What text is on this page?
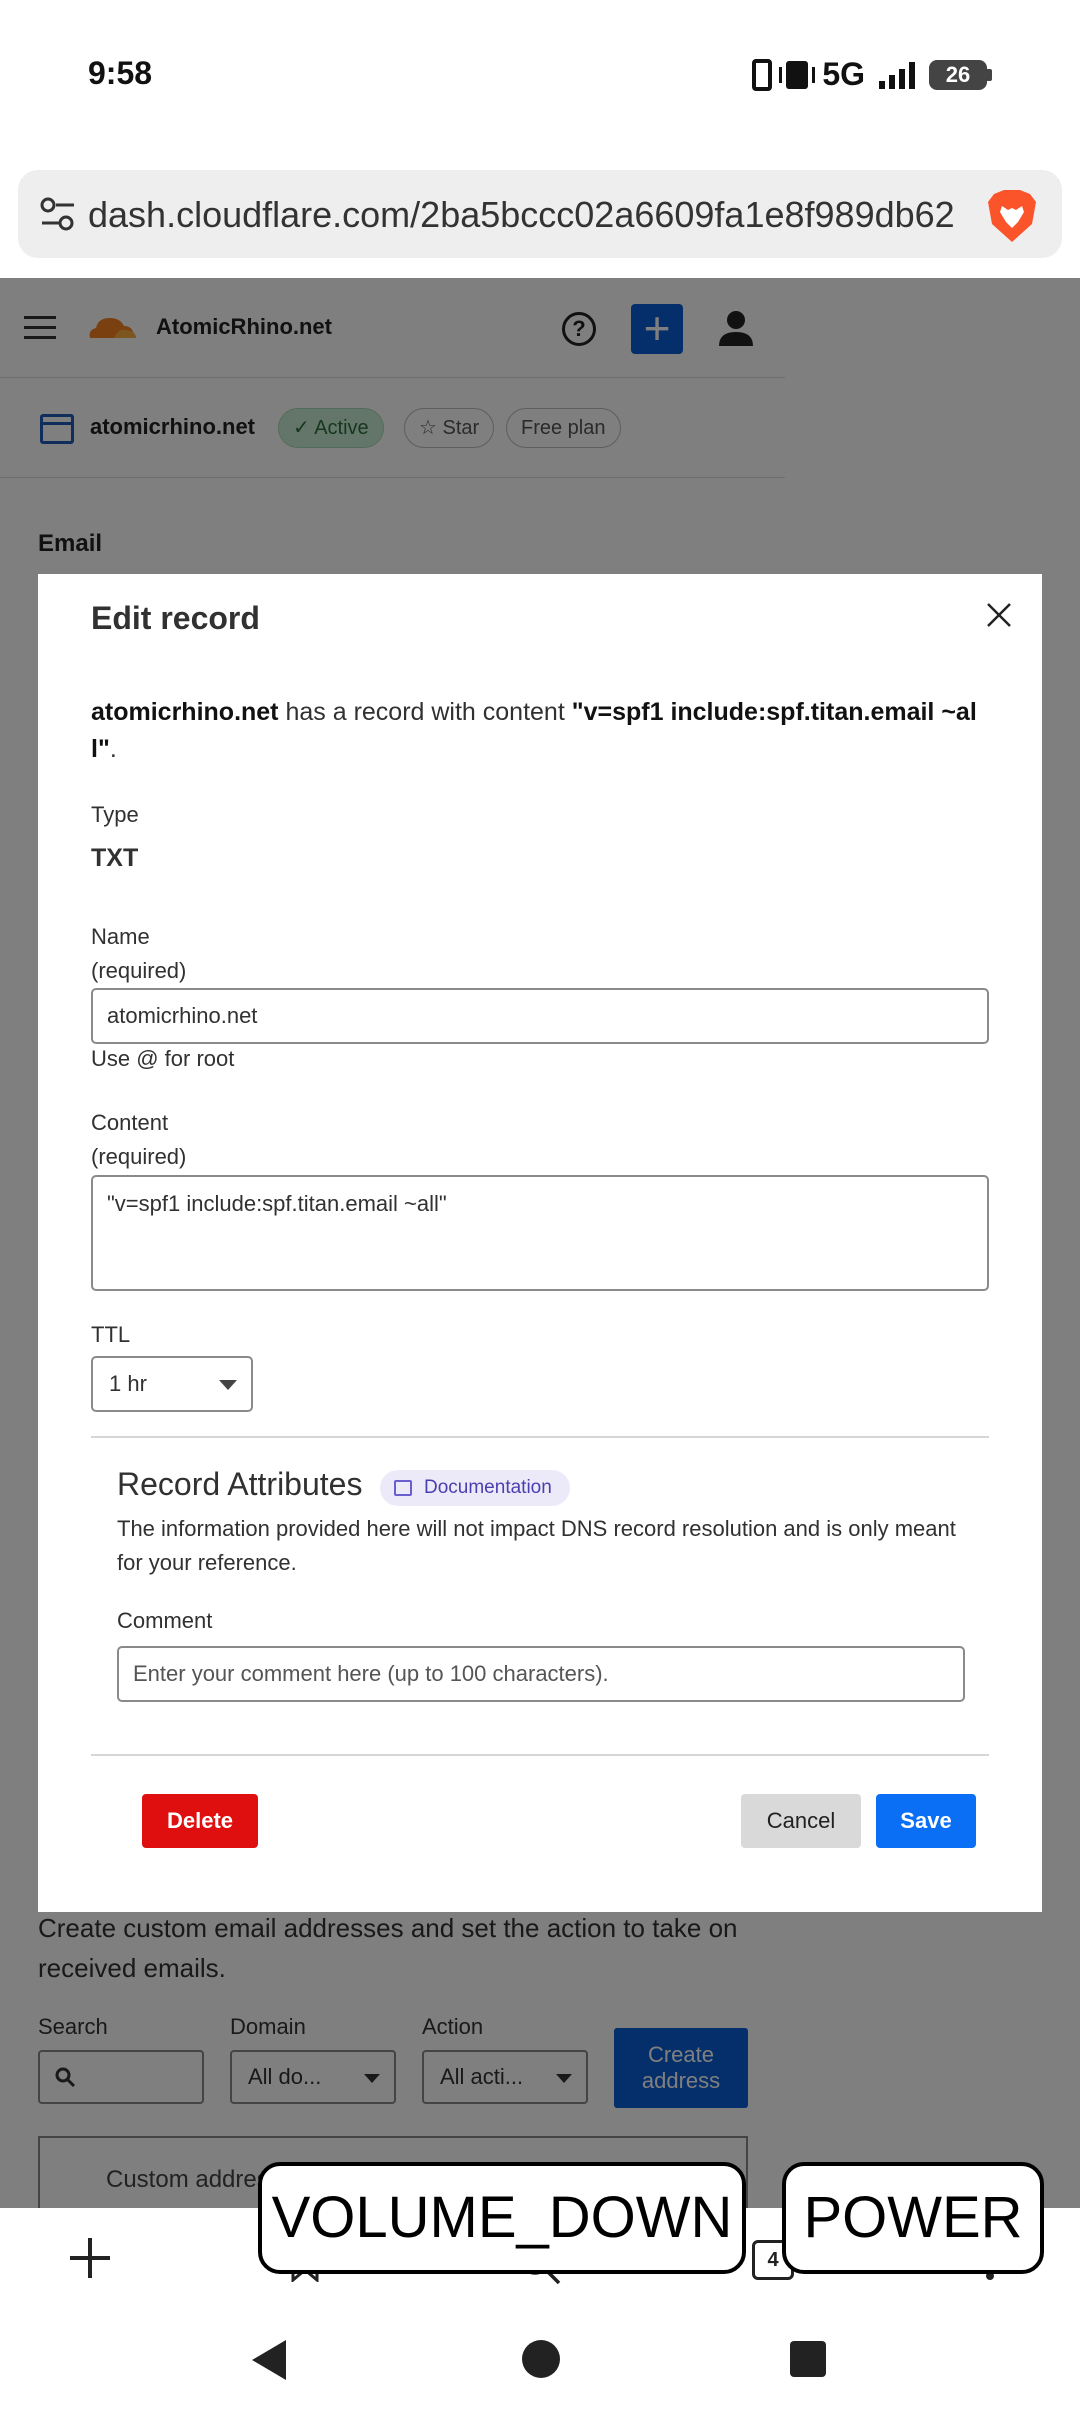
9:58	5G	26
dash.cloudflare.com/2ba5bccc02a6609fa1e8f989db62

Edit record

atomicrhino.net has a record with content "v=spf1 include:spf.titan.email ~all".

Type
TXT
Name
(required)
atomicrhino.net
Use @ for root
Content
(required)
"v=spf1 include:spf.titan.email ~all"
TTL
1 hr
Record Attributes	Documentation

The information provided here will not impact DNS record resolution and is only meant for your reference.

Comment
Enter your comment here (up to 100 characters).
Delete	Cancel	Save
4
VOLUME_DOWN	POWER
